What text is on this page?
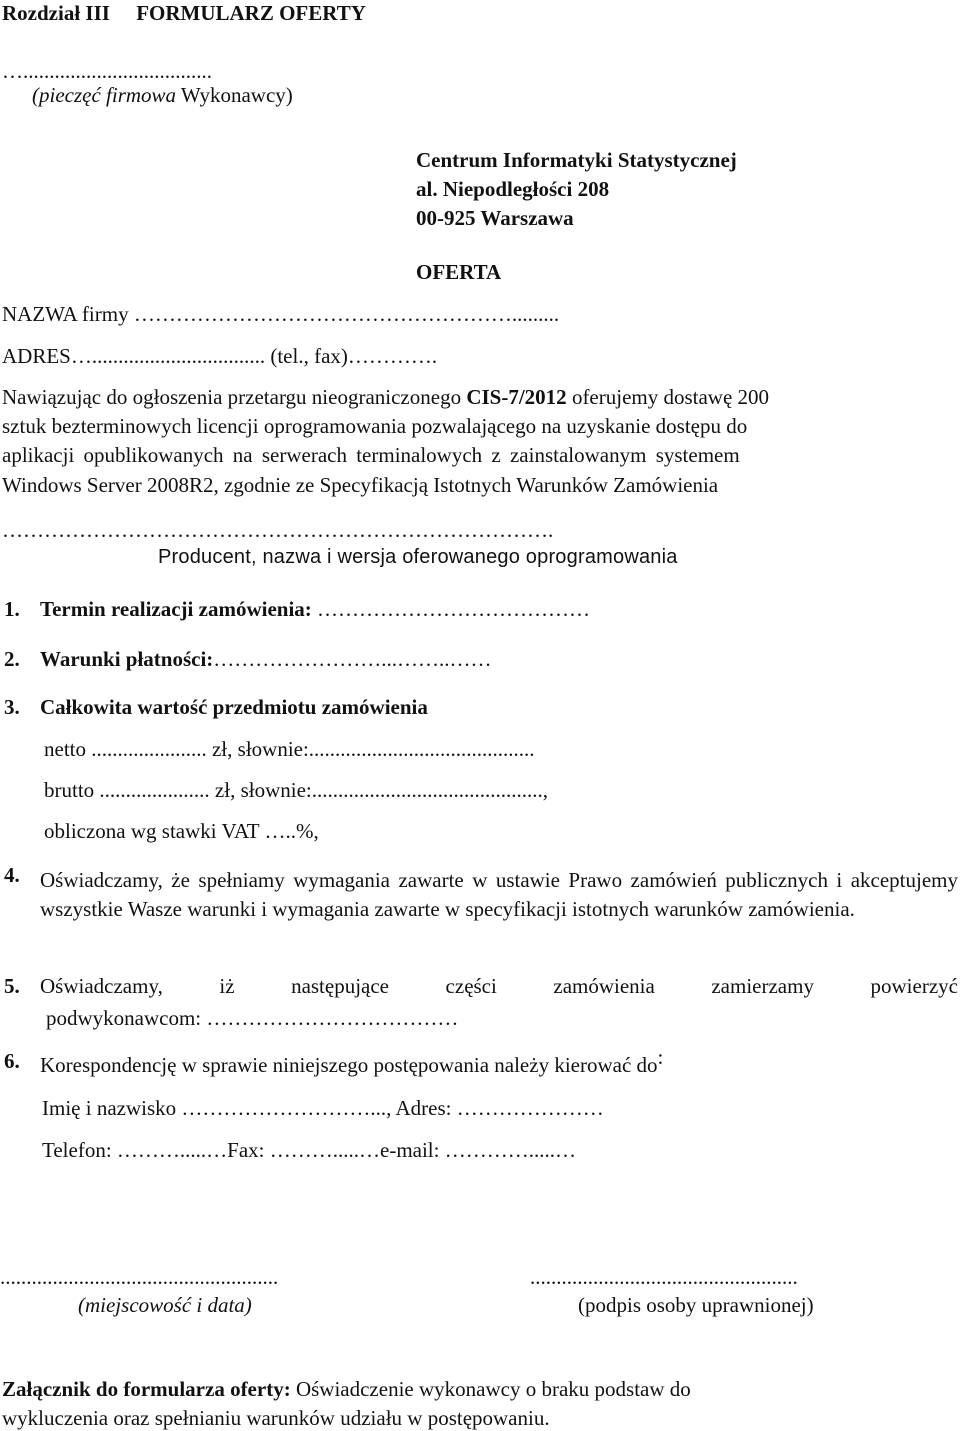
Rozdział III FORMULARZ OFERTY
…....................................
(pieczęć firmowa Wykonawcy)
Centrum Informatyki Statystycznej
al. Niepodległości 208
00-925 Warszawa
OFERTA
NAZWA firmy ……………………………………………….........
ADRES…................................. (tel., fax)………….
Nawiązując do ogłoszenia przetargu nieograniczonego CIS-7/2012 oferujemy dostawę 200
sztuk bezterminowych licencji oprogramowania pozwalającego na uzyskanie dostępu do
aplikacji opublikowanych na serwerach terminalowych z zainstalowanym systemem
Windows Server 2008R2, zgodnie ze Specyfikacją Istotnych Warunków Zamówienia
…………………………………………………………………….
Producent, nazwa i wersja oferowanego oprogramowania
1. Termin realizacji zamówienia: …………………………………
2. Warunki płatności:……………………...……..……
3. Całkowita wartość przedmiotu zamówienia
netto ...................... zł, słownie:...........................................
brutto ..................... zł, słownie:............................................,
obliczona wg stawki VAT …..%,
4. Oświadczamy, że spełniamy wymagania zawarte w ustawie Prawo zamówień publicznych i akceptujemy wszystkie Wasze warunki i wymagania zawarte w specyfikacji istotnych warunków zamówienia.
5. Oświadczamy,	iż	następujące	części	zamówienia	zamierzamy	powierzyć
podwykonawcom: ………………………………
6. Korespondencję w sprawie niniejszego postępowania należy kierować do:
Imię i nazwisko ………………………..., Adres: …………………
Telefon: ……….....…Fax: ……….....…e-mail: ………….....…
.....................................................	...................................................
(miejscowość i data)	(podpis osoby uprawnionej)
Załącznik do formularza oferty: Oświadczenie wykonawcy o braku podstaw do
wykluczenia oraz spełnianiu warunków udziału w postępowaniu.
